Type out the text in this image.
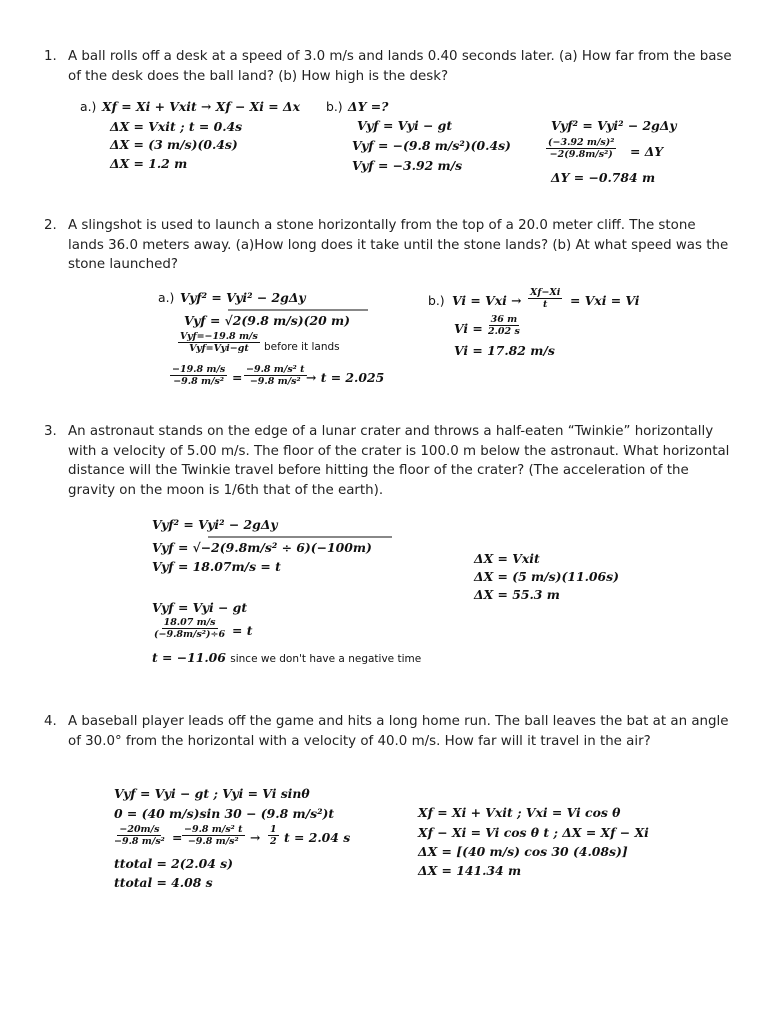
1. A ball rolls off a desk at a speed of 3.0 m/s and lands 0.40 seconds later. (a) How far from the base of the desk does the ball land? (b) How high is the desk?
a.) Xf = Xi + Vxit → Xf − Xi = Δx
ΔX = Vxit ; t = 0.4s
ΔX = (3 m/s)(0.4s)
ΔX = 1.2 m
b.) ΔY =?
Vyf = Vyi − gt
Vyf = −(9.8 m/s²)(0.4s)
Vyf = −3.92 m/s
Vyf² = Vyi² − 2gΔy
$\frac{\text{(−3.92 m/s)²}}{\text{−2(9.8m/s²)}} = \Delta Y$
ΔY = −0.784 m
2. A slingshot is used to launch a stone horizontally from the top of a 20.0 meter cliff. The stone lands 36.0 meters away. (a)How long does it take until the stone lands? (b) At what speed was the stone launched?
a.) Vyf² = Vyi² − 2gΔy
Vyf = √2(9.8 m/s)(20 m)
Vyf=−19.8 m/s
Vyf=Vyi−gt before it lands
$\frac{-19.8 m/s}{\text{−9.8 m/s²}} = \frac{\text{−9.8 m/s² t}}{\text{−9.8 m/s²}} \to t = 2.025$
b.) Vi = Vxi → $\frac{Xf-Xi}{t}$ = Vxi = Vi
$Vi = \frac{36 m}{2.02 s}$
Vi = 17.82 m/s
3. An astronaut stands on the edge of a lunar crater and throws a half-eaten “Twinkie” horizontally with a velocity of 5.00 m/s. The floor of the crater is 100.0 m below the astronaut. What horizontal distance will the Twinkie travel before hitting the floor of the crater? (The acceleration of the gravity on the moon is 1/6th that of the earth).
Vyf² = Vyi² − 2gΔy
Vyf = √−2(9.8m/s² ÷ 6)(−100m)
Vyf = 18.07m/s = t
Vyf = Vyi − gt
$\frac{18.07 m/s}{\text{(−9.8m/s²)÷6}} = t$
t = −11.06 since we don't have a negative time
ΔX = Vxit
ΔX = (5 m/s)(11.06s)
ΔX = 55.3 m
4. A baseball player leads off the game and hits a long home run. The ball leaves the bat at an angle of 30.0° from the horizontal with a velocity of 40.0 m/s. How far will it travel in the air?
Vyf = Vyi − gt ; Vyi = Vi sinθ
0 = (40 m/s)sin 30 − (9.8 m/s²)t
$\frac{-20m/s}{\text{−9.8 m/s²}} = \frac{\text{−9.8 m/s² t}}{\text{−9.8 m/s²}} \to \frac{1}{2}$ t = 2.04 s
ttotal = 2(2.04 s)
ttotal = 4.08 s
Xf = Xi + Vxit ; Vxi = Vi cos θ
Xf − Xi = Vi cos θ t ; ΔX = Xf − Xi
ΔX = [(40 m/s) cos 30 (4.08s)]
ΔX = 141.34 m
